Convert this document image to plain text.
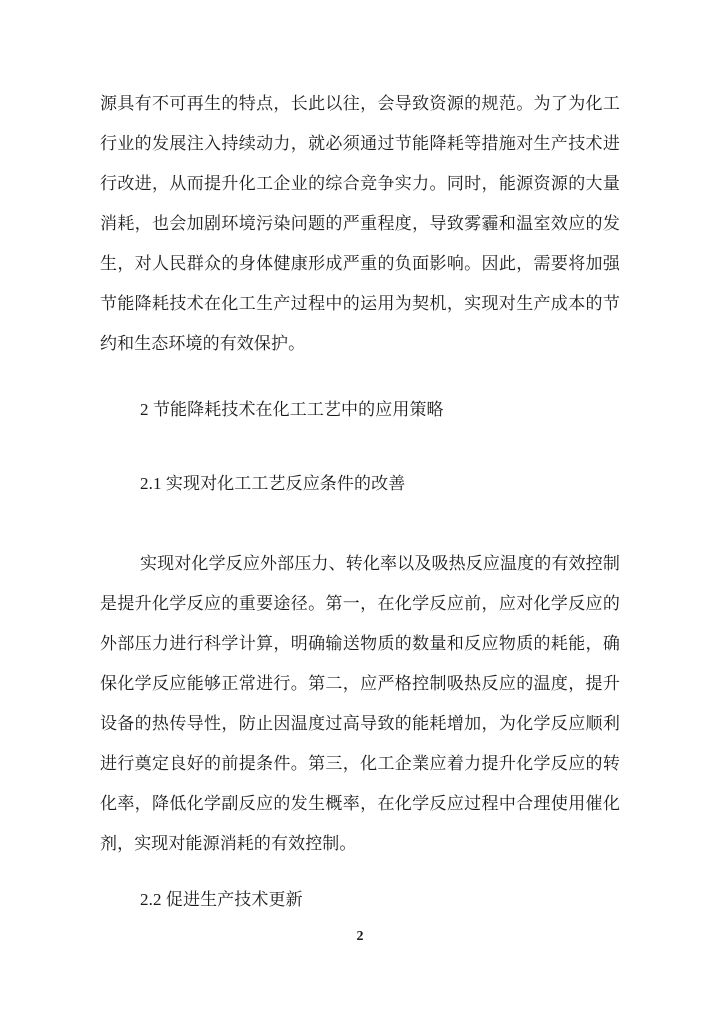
源具有不可再生的特点，长此以往，会导致资源的规范。为了为化工行业的发展注入持续动力，就必须通过节能降耗等措施对生产技术进行改进，从而提升化工企业的综合竞争实力。同时，能源资源的大量消耗，也会加剧环境污染问题的严重程度，导致雾霾和温室效应的发生，对人民群众的身体健康形成严重的负面影响。因此，需要将加强节能降耗技术在化工生产过程中的运用为契机，实现对生产成本的节约和生态环境的有效保护。

2 节能降耗技术在化工工艺中的应用策略
2.1 实现对化工工艺反应条件的改善

实现对化学反应外部压力、转化率以及吸热反应温度的有效控制是提升化学反应的重要途径。第一，在化学反应前，应对化学反应的外部压力进行科学计算，明确输送物质的数量和反应物质的耗能，确保化学反应能够正常进行。第二，应严格控制吸热反应的温度，提升设备的热传导性，防止因温度过高导致的能耗增加，为化学反应顺利进行奠定良好的前提条件。第三，化工企業应着力提升化学反应的转化率，降低化学副反应的发生概率，在化学反应过程中合理使用催化剂，实现对能源消耗的有效控制。

2.2 促进生产技术更新
2
